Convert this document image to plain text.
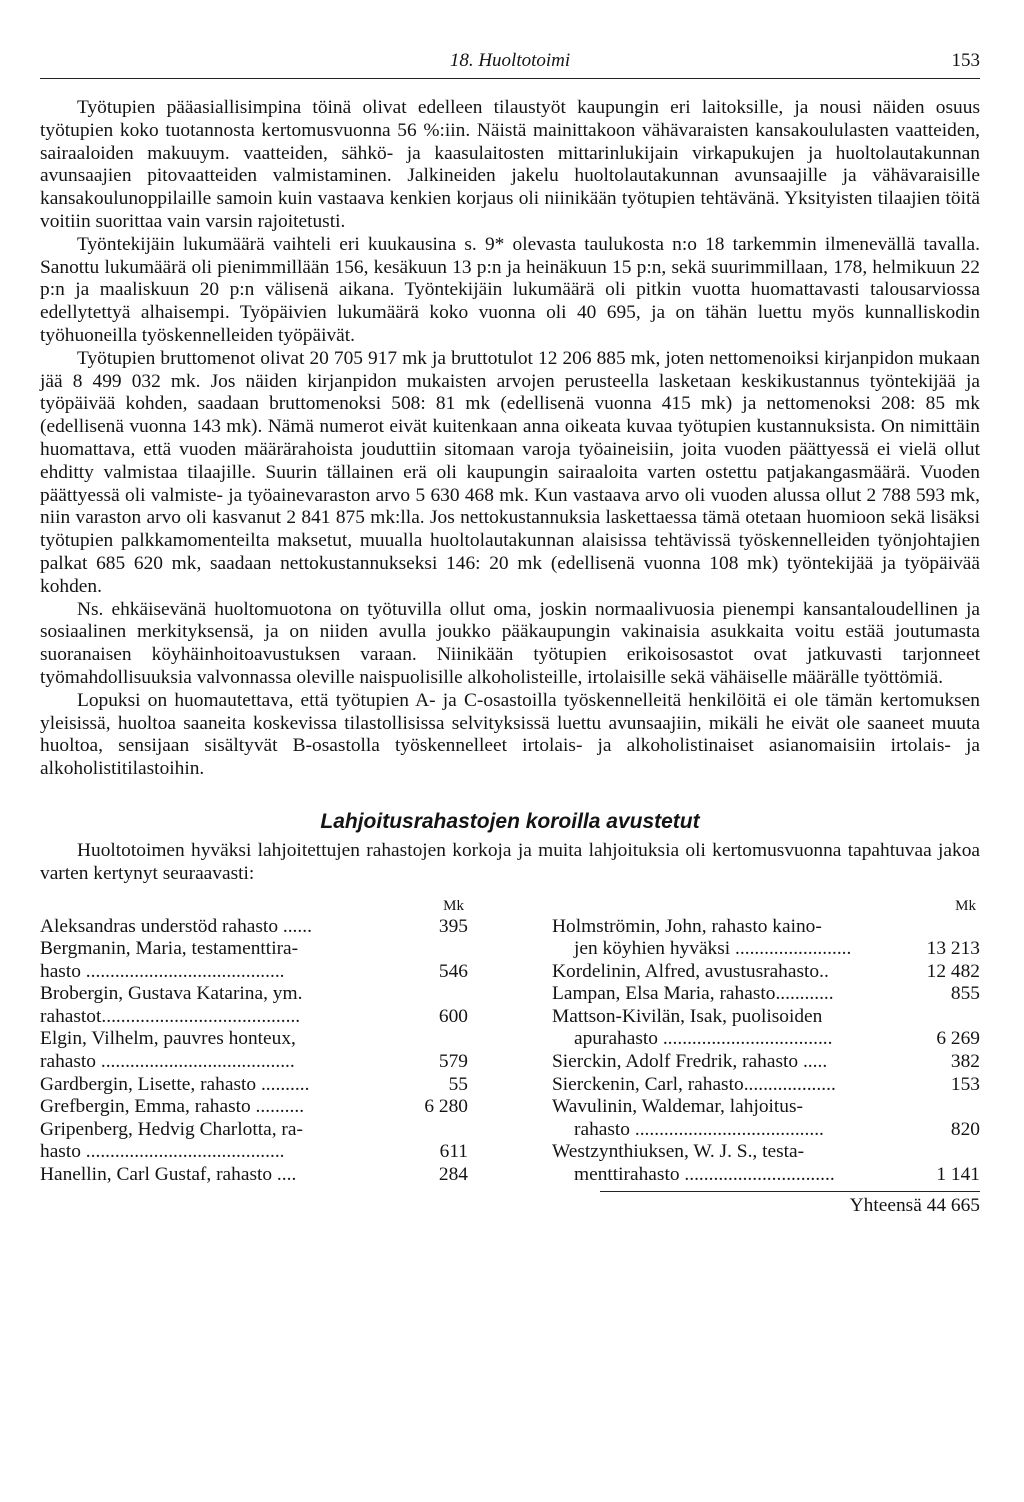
18. Huoltotoimi	153

Työtupien pääasiallisimpina töinä olivat edelleen tilaustyöt kaupungin eri laitoksille, ja nousi näiden osuus työtupien koko tuotannosta kertomusvuonna 56 %:iin. Näistä mainittakoon vähävaraisten kansakoululasten vaatteiden, sairaaloiden makuuym. vaatteiden, sähkö- ja kaasulaitosten mittarinlukijain virkapukujen ja huoltolautakunnan avunsaajien pitovaatteiden valmistaminen. Jalkineiden jakelu huoltolautakunnan avunsaajille ja vähävaraisille kansakoulunoppilaille samoin kuin vastaava kenkien korjaus oli niinikään työtupien tehtävänä. Yksityisten tilaajien töitä voitiin suorittaa vain varsin rajoitetusti.

Työntekijäin lukumäärä vaihteli eri kuukausina s. 9* olevasta taulukosta n:o 18 tarkemmin ilmenevällä tavalla. Sanottu lukumäärä oli pienimmillään 156, kesäkuun 13 p:n ja heinäkuun 15 p:n, sekä suurimmillaan, 178, helmikuun 22 p:n ja maaliskuun 20 p:n välisenä aikana. Työntekijäin lukumäärä oli pitkin vuotta huomattavasti talousarviossa edellytettyä alhaisempi. Työpäivien lukumäärä koko vuonna oli 40 695, ja on tähän luettu myös kunnalliskodin työhuoneilla työskennelleiden työpäivät.

Työtupien bruttomenot olivat 20 705 917 mk ja bruttotulot 12 206 885 mk, joten nettomenoiksi kirjanpidon mukaan jää 8 499 032 mk. Jos näiden kirjanpidon mukaisten arvojen perusteella lasketaan keskikustannus työntekijää ja työpäivää kohden, saadaan bruttomenoksi 508: 81 mk (edellisenä vuonna 415 mk) ja nettomenoksi 208: 85 mk (edellisenä vuonna 143 mk). Nämä numerot eivät kuitenkaan anna oikeata kuvaa työtupien kustannuksista. On nimittäin huomattava, että vuoden määrärahoista jouduttiin sitomaan varoja työaineisiin, joita vuoden päättyessä ei vielä ollut ehditty valmistaa tilaajille. Suurin tällainen erä oli kaupungin sairaaloita varten ostettu patjakangasmäärä. Vuoden päättyessä oli valmiste- ja työainevaraston arvo 5 630 468 mk. Kun vastaava arvo oli vuoden alussa ollut 2 788 593 mk, niin varaston arvo oli kasvanut 2 841 875 mk:lla. Jos nettokustannuksia laskettaessa tämä otetaan huomioon sekä lisäksi työtupien palkkamomenteilta maksetut, muualla huoltolautakunnan alaisissa tehtävissä työskennelleiden työnjohtajien palkat 685 620 mk, saadaan nettokustannukseksi 146: 20 mk (edellisenä vuonna 108 mk) työntekijää ja työpäivää kohden.

Ns. ehkäisevänä huoltomuotona on työtuvilla ollut oma, joskin normaalivuosia pienempi kansantaloudellinen ja sosiaalinen merkityksensä, ja on niiden avulla joukko pääkaupungin vakinaisia asukkaita voitu estää joutumasta suoranaisen köyhäinhoitoavustuksen varaan. Niinikään työtupien erikoisosastot ovat jatkuvasti tarjonneet työmahdollisuuksia valvonnassa oleville naispuolisille alkoholisteille, irtolaisille sekä vähäiselle määrälle työttömiä.

Lopuksi on huomautettava, että työtupien A- ja C-osastoilla työskennelleitä henkilöitä ei ole tämän kertomuksen yleisissä, huoltoa saaneita koskevissa tilastollisissa selvityksissä luettu avunsaajiin, mikäli he eivät ole saaneet muuta huoltoa, sensijaan sisältyvät B-osastolla työskennelleet irtolais- ja alkoholistinaiset asianomaisiin irtolais- ja alkoholistitilastoihin.

Lahjoitusrahastojen koroilla avustetut

Huoltotoimen hyväksi lahjoitettujen rahastojen korkoja ja muita lahjoituksia oli kertomusvuonna tapahtuvaa jakoa varten kertynyt seuraavasti:

Mk
Aleksandras understöd rahasto ......	395
Bergmanin, Maria, testamenttira-
hasto .........................................	546
Brobergin, Gustava Katarina, ym.
rahastot.........................................	600
Elgin, Vilhelm, pauvres honteux,
rahasto ........................................	579
Gardbergin, Lisette, rahasto ..........	55
Grefbergin, Emma, rahasto ..........	6 280
Gripenberg, Hedvig Charlotta, ra-
hasto .........................................	611
Hanellin, Carl Gustaf, rahasto ....	284
Mk
Holmströmin, John, rahasto kaino-
jen köyhien hyväksi ........................	13 213
Kordelinin, Alfred, avustusrahasto..	12 482
Lampan, Elsa Maria, rahasto............	855
Mattson-Kivilän, Isak, puolisoiden
apurahasto ...................................	6 269
Sierckin, Adolf Fredrik, rahasto .....	382
Sierckenin, Carl, rahasto...................	153
Wavulinin, Waldemar, lahjoitus-
rahasto .......................................	820
Westzynthiuksen, W. J. S., testa-
menttirahasto ...............................	1 141
Yhteensä 44 665
